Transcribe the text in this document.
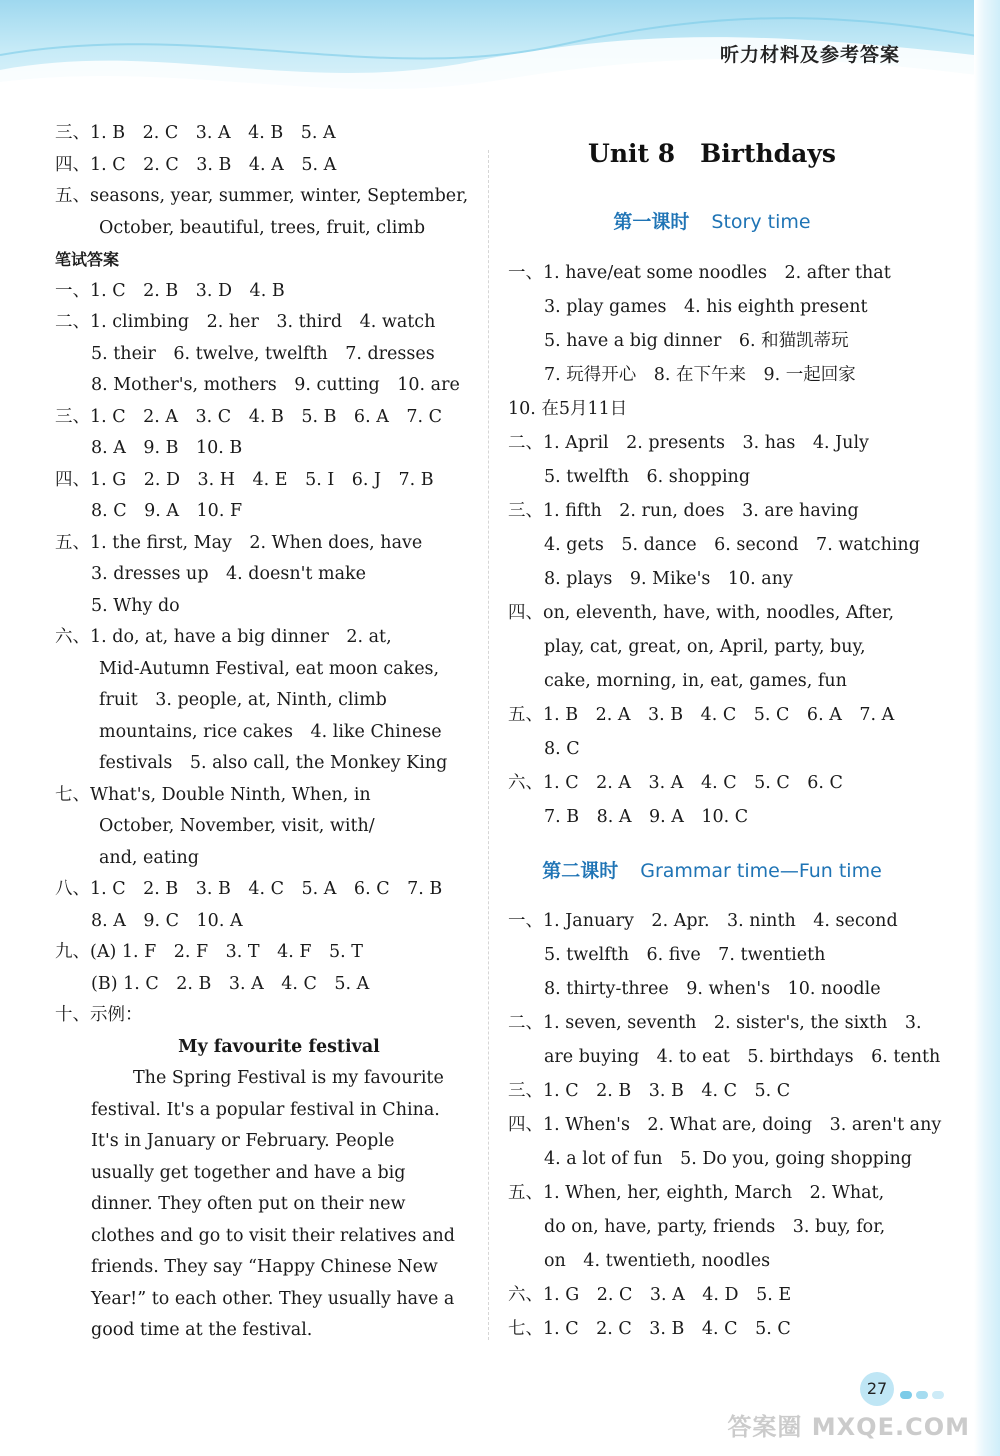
听力材料及参考答案
三、1. B　2. C　3. A　4. B　5. A
四、1. C　2. C　3. B　4. A　5. A
五、seasons, year, summer, winter, September,
October, beautiful, trees, fruit, climb
笔试答案
一、1. C　2. B　3. D　4. B
二、1. climbing　2. her　3. third　4. watch
5. their　6. twelve, twelfth　7. dresses
8. Mother's, mothers　9. cutting　10. are
三、1. C　2. A　3. C　4. B　5. B　6. A　7. C
8. A　9. B　10. B
四、1. G　2. D　3. H　4. E　5. I　6. J　7. B
8. C　9. A　10. F
五、1. the first, May　2. When does, have
3. dresses up　4. doesn't make
5. Why do
六、1. do, at, have a big dinner　2. at,
Mid-Autumn Festival, eat moon cakes,
fruit　3. people, at, Ninth, climb
mountains, rice cakes　4. like Chinese
festivals　5. also call, the Monkey King
七、What's, Double Ninth, When, in
October, November, visit, with/
and, eating
八、1. C　2. B　3. B　4. C　5. A　6. C　7. B
8. A　9. C　10. A
九、(A) 1. F　2. F　3. T　4. F　5. T
(B) 1. C　2. B　3. A　4. C　5. A
十、示例：
My favourite festival

The Spring Festival is my favourite

festival. It's a popular festival in China.

It's in January or February. People

usually get together and have a big

dinner. They often put on their new

clothes and go to visit their relatives and

friends. They say “Happy Chinese New

Year!” to each other. They usually have a

good time at the festival.

Unit 8　Birthdays
第一课时 Story time
一、1. have/eat some noodles　2. after that
3. play games　4. his eighth present
5. have a big dinner　6. 和猫凯蒂玩
7. 玩得开心　8. 在下午来　9. 一起回家
10. 在5月11日
二、1. April　2. presents　3. has　4. July
5. twelfth　6. shopping
三、1. fifth　2. run, does　3. are having
4. gets　5. dance　6. second　7. watching
8. plays　9. Mike's　10. any
四、on, eleventh, have, with, noodles, After,
play, cat, great, on, April, party, buy,
cake, morning, in, eat, games, fun
五、1. B　2. A　3. B　4. C　5. C　6. A　7. A
8. C
六、1. C　2. A　3. A　4. C　5. C　6. C
7. B　8. A　9. A　10. C
第二课时 Grammar time—Fun time
一、1. January　2. Apr.　3. ninth　4. second
5. twelfth　6. five　7. twentieth
8. thirty-three　9. when's　10. noodle
二、1. seven, seventh　2. sister's, the sixth　3.
are buying　4. to eat　5. birthdays　6. tenth
三、1. C　2. B　3. B　4. C　5. C
四、1. When's　2. What are, doing　3. aren't any
4. a lot of fun　5. Do you, going shopping
五、1. When, her, eighth, March　2. What,
do on, have, party, friends　3. buy, for,
on　4. twentieth, noodles
六、1. G　2. C　3. A　4. D　5. E
七、1. C　2. C　3. B　4. C　5. C
27
答案圈 MXQE.COM
